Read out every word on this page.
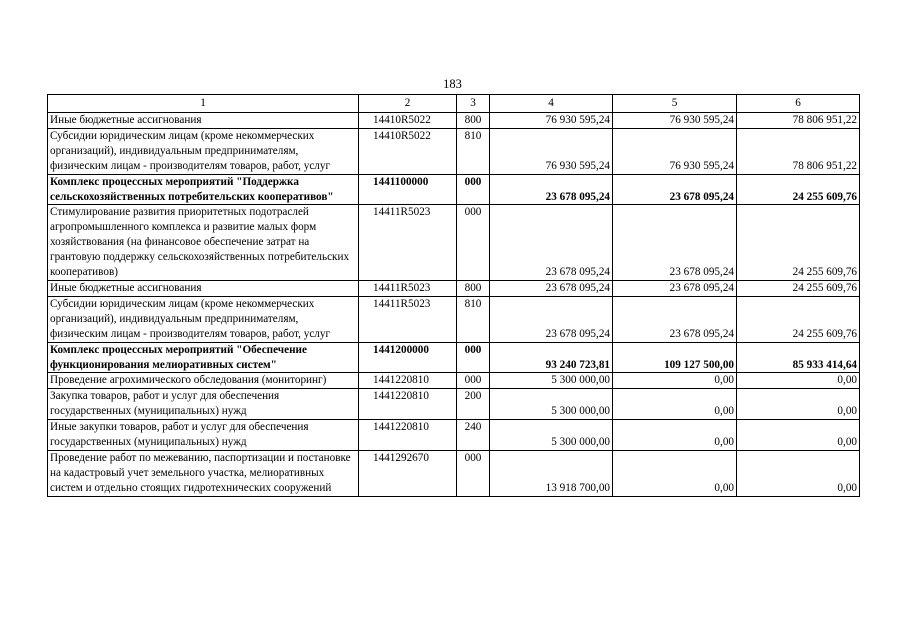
183
1	2	3	4	5	6
Иные бюджетные ассигнования	14410R5022	800	76 930 595,24	76 930 595,24	78 806 951,22
Субсидии юридическим лицам (кроме некоммерческих организаций), индивидуальным предпринимателям, физическим лицам - производителям товаров, работ, услуг	14410R5022	810	76 930 595,24	76 930 595,24	78 806 951,22
Комплекс процессных мероприятий "Поддержка сельскохозяйственных потребительских кооперативов"	1441100000	000	23 678 095,24	23 678 095,24	24 255 609,76
Стимулирование развития приоритетных подотраслей агропромышленного комплекса и развитие малых форм хозяйствования (на финансовое обеспечение затрат на грантовую поддержку сельскохозяйственных потребительских кооперативов)	14411R5023	000	23 678 095,24	23 678 095,24	24 255 609,76
Иные бюджетные ассигнования	14411R5023	800	23 678 095,24	23 678 095,24	24 255 609,76
Субсидии юридическим лицам (кроме некоммерческих организаций), индивидуальным предпринимателям, физическим лицам - производителям товаров, работ, услуг	14411R5023	810	23 678 095,24	23 678 095,24	24 255 609,76
Комплекс процессных мероприятий "Обеспечение функционирования мелиоративных систем"	1441200000	000	93 240 723,81	109 127 500,00	85 933 414,64
Проведение агрохимического обследования (мониторинг)	1441220810	000	5 300 000,00	0,00	0,00
Закупка товаров, работ и услуг для обеспечения государственных (муниципальных) нужд	1441220810	200	5 300 000,00	0,00	0,00
Иные закупки товаров, работ и услуг для обеспечения государственных (муниципальных) нужд	1441220810	240	5 300 000,00	0,00	0,00
Проведение работ по межеванию, паспортизации и постановке на кадастровый учет земельного участка, мелиоративных систем и отдельно стоящих гидротехнических сооружений	1441292670	000	13 918 700,00	0,00	0,00
